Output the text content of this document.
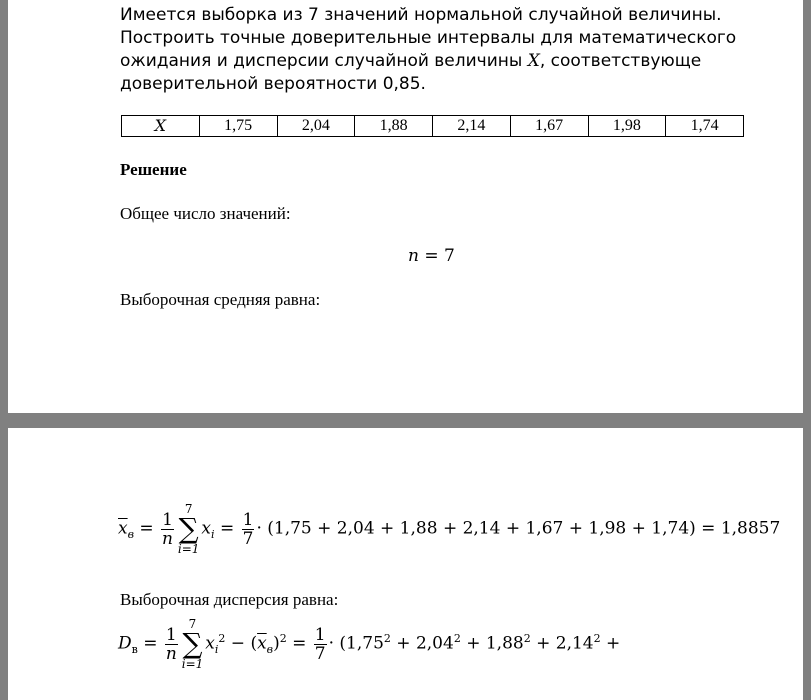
Имеется выборка из 7 значений нормальной случайной величины. Построить точные доверительные интервалы для математического ожидания и дисперсии случайной величины X, соответствующе доверительной вероятности 0,85.
X	1,75	2,04	1,88	2,14	1,67	1,98	1,74
Решение
Общее число значений:
n = 7
Выборочная средняя равна:
$\overline{x}_в = \frac{1}{n}$
7
∑
i=1
$x_i = \frac{1}{7} \cdot (1,75 + 2,04 + 1,88 + 2,14 + 1,67 + 1,98 + 1,74) = 1,8857$
Выборочная дисперсия равна:
$D_в = \frac{1}{n}$
7
∑
i=1
$x_i^2 - (\overline{x}_в)^2 = \frac{1}{7} \cdot (1,75^2 + 2,04^2 + 1,88^2 + 2,14^2$ +
